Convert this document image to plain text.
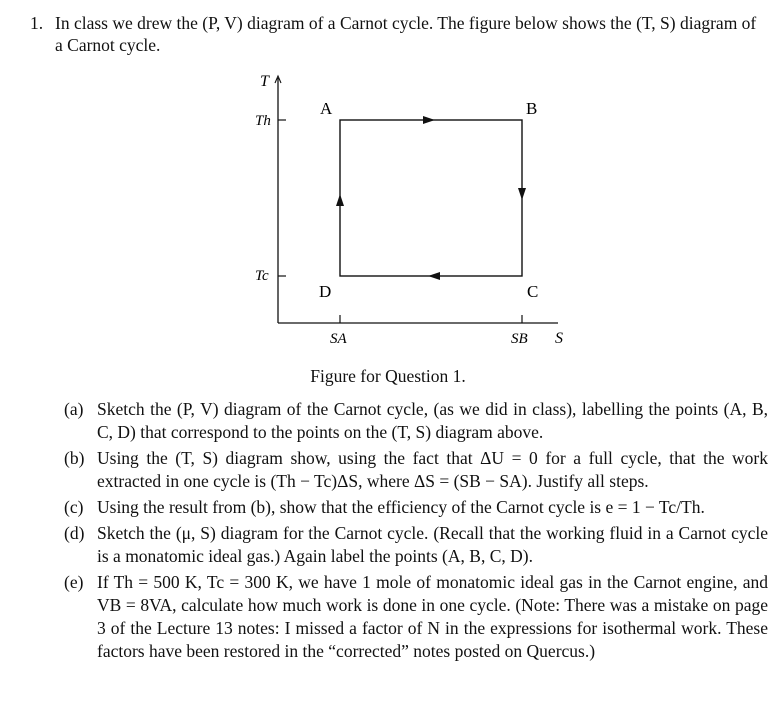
1. In class we drew the (P, V) diagram of a Carnot cycle. The figure below shows the (T, S) diagram of a Carnot cycle.
T
S
Th
Tc
SA	SB
A	B
C
D
Figure for Question 1.
(a) Sketch the (P, V) diagram of the Carnot cycle, (as we did in class), labelling the points (A, B, C, D) that correspond to the points on the (T, S) diagram above.
(b) Using the (T, S) diagram show, using the fact that ΔU = 0 for a full cycle, that the work extracted in one cycle is (Th − Tc)ΔS, where ΔS = (SB − SA). Justify all steps.
(c) Using the result from (b), show that the efficiency of the Carnot cycle is e = 1 − Tc/Th.
(d) Sketch the (μ, S) diagram for the Carnot cycle. (Recall that the working fluid in a Carnot cycle is a monatomic ideal gas.) Again label the points (A, B, C, D).
(e) If Th = 500 K, Tc = 300 K, we have 1 mole of monatomic ideal gas in the Carnot engine, and VB = 8VA, calculate how much work is done in one cycle. (Note: There was a mistake on page 3 of the Lecture 13 notes: I missed a factor of N in the expressions for isothermal work. These factors have been restored in the “corrected” notes posted on Quercus.)
